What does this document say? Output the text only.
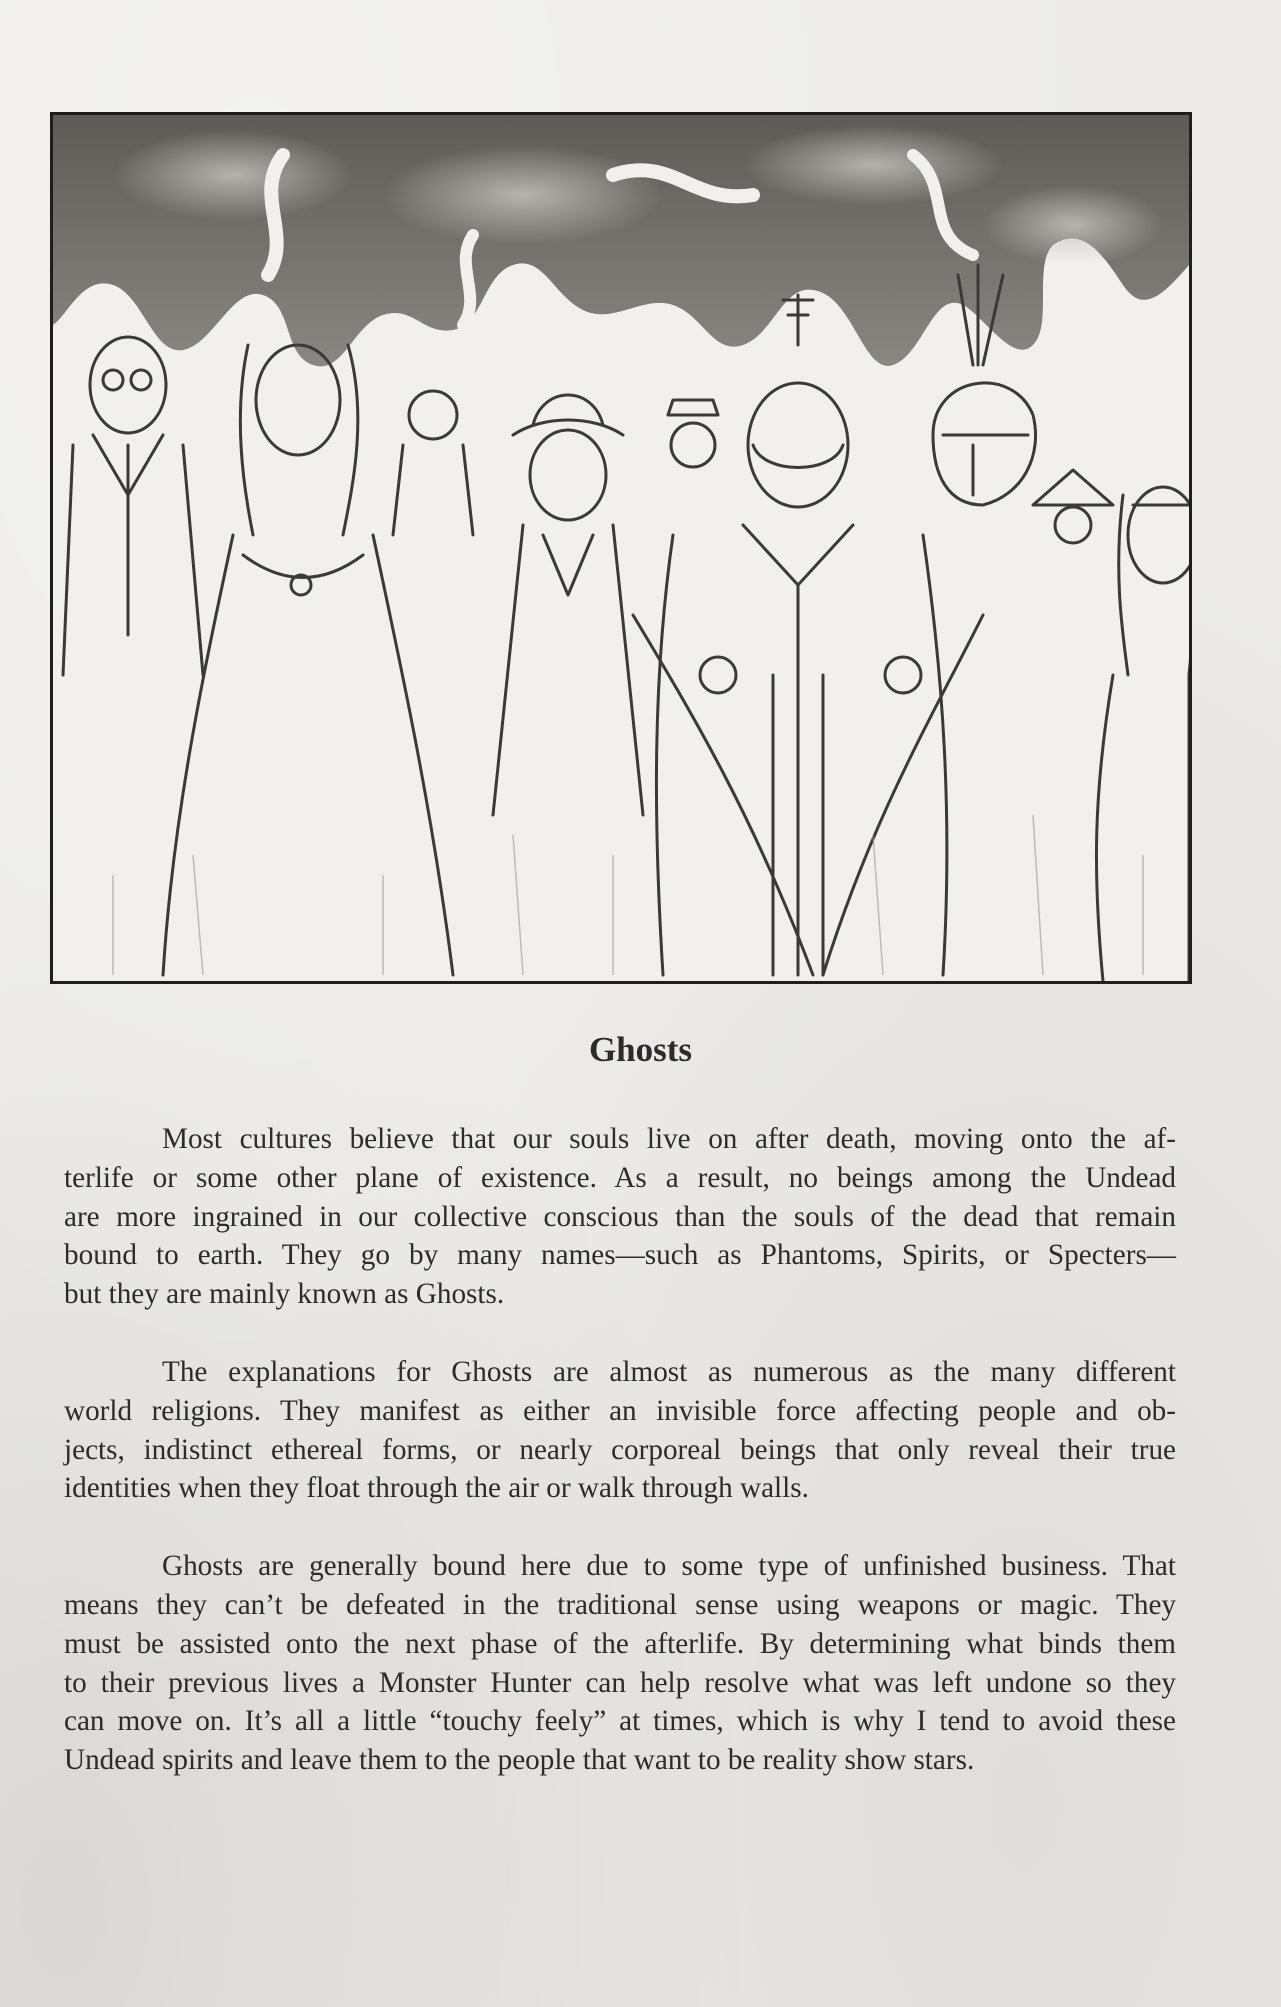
Ghosts

Most cultures believe that our souls live on after death, moving onto the af-
terlife or some other plane of existence. As a result, no beings among the Undead
are more ingrained in our collective conscious than the souls of the dead that remain
bound to earth. They go by many names—such as Phantoms, Spirits, or Specters—
but they are mainly known as Ghosts.

The explanations for Ghosts are almost as numerous as the many different
world religions. They manifest as either an invisible force affecting people and ob-
jects, indistinct ethereal forms, or nearly corporeal beings that only reveal their true
identities when they float through the air or walk through walls.

Ghosts are generally bound here due to some type of unfinished business. That
means they can’t be defeated in the traditional sense using weapons or magic. They
must be assisted onto the next phase of the afterlife. By determining what binds them
to their previous lives a Monster Hunter can help resolve what was left undone so they
can move on. It’s all a little “touchy feely” at times, which is why I tend to avoid these
Undead spirits and leave them to the people that want to be reality show stars.
